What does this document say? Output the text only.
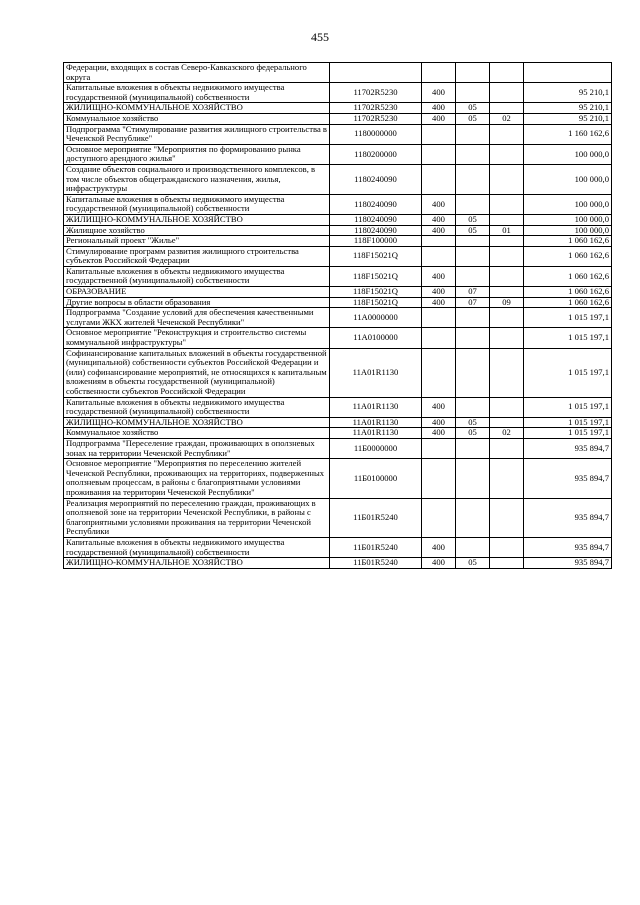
455
Федерации, входящих в состав Северо-Кавказского федерального округа					
Капитальные вложения в объекты недвижимого имущества государственной (муниципальной) собственности	11702R5230	400			95 210,1
ЖИЛИЩНО-КОММУНАЛЬНОЕ ХОЗЯЙСТВО	11702R5230	400	05		95 210,1
Коммунальное хозяйство	11702R5230	400	05	02	95 210,1
Подпрограмма "Стимулирование развития жилищного строительства в Чеченской Республике"	1180000000				1 160 162,6
Основное мероприятие "Мероприятия по формированию рынка доступного арендного жилья"	1180200000				100 000,0
Создание объектов социального и производственного комплексов, в том числе объектов общегражданского назначения, жилья, инфраструктуры	1180240090				100 000,0
Капитальные вложения в объекты недвижимого имущества государственной (муниципальной) собственности	1180240090	400			100 000,0
ЖИЛИЩНО-КОММУНАЛЬНОЕ ХОЗЯЙСТВО	1180240090	400	05		100 000,0
Жилищное хозяйство	1180240090	400	05	01	100 000,0
Региональный проект "Жилье"	118F100000				1 060 162,6
Стимулирование программ развития жилищного строительства субъектов Российской Федерации	118F15021Q				1 060 162,6
Капитальные вложения в объекты недвижимого имущества государственной (муниципальной) собственности	118F15021Q	400			1 060 162,6
ОБРАЗОВАНИЕ	118F15021Q	400	07		1 060 162,6
Другие вопросы в области образования	118F15021Q	400	07	09	1 060 162,6
Подпрограмма "Создание условий для обеспечения качественными услугами ЖКХ жителей Чеченской Республики"	11А0000000				1 015 197,1
Основное мероприятие "Реконструкция и строительство системы коммунальной инфраструктуры"	11А0100000				1 015 197,1
Софинансирование капитальных вложений в объекты государственной (муниципальной) собственности субъектов Российской Федерации и (или) софинансирование мероприятий, не относящихся к капитальным вложениям в объекты государственной (муниципальной) собственности субъектов Российской Федерации	11А01R1130				1 015 197,1
Капитальные вложения в объекты недвижимого имущества государственной (муниципальной) собственности	11А01R1130	400			1 015 197,1
ЖИЛИЩНО-КОММУНАЛЬНОЕ ХОЗЯЙСТВО	11А01R1130	400	05		1 015 197,1
Коммунальное хозяйство	11А01R1130	400	05	02	1 015 197,1
Подпрограмма "Переселение граждан, проживающих в оползневых зонах на территории Чеченской Республики"	11Б0000000				935 894,7
Основное мероприятие "Мероприятия по переселению жителей Чеченской Республики, проживающих на территориях, подверженных оползневым процессам, в районы с благоприятными условиями проживания на территории Чеченской Республики"	11Б0100000				935 894,7
Реализация мероприятий по переселению граждан, проживающих в оползневой зоне на территории Чеченской Республики, в районы с благоприятными условиями проживания на территории Чеченской Республики	11Б01R5240				935 894,7
Капитальные вложения в объекты недвижимого имущества государственной (муниципальной) собственности	11Б01R5240	400			935 894,7
ЖИЛИЩНО-КОММУНАЛЬНОЕ ХОЗЯЙСТВО	11Б01R5240	400	05		935 894,7
